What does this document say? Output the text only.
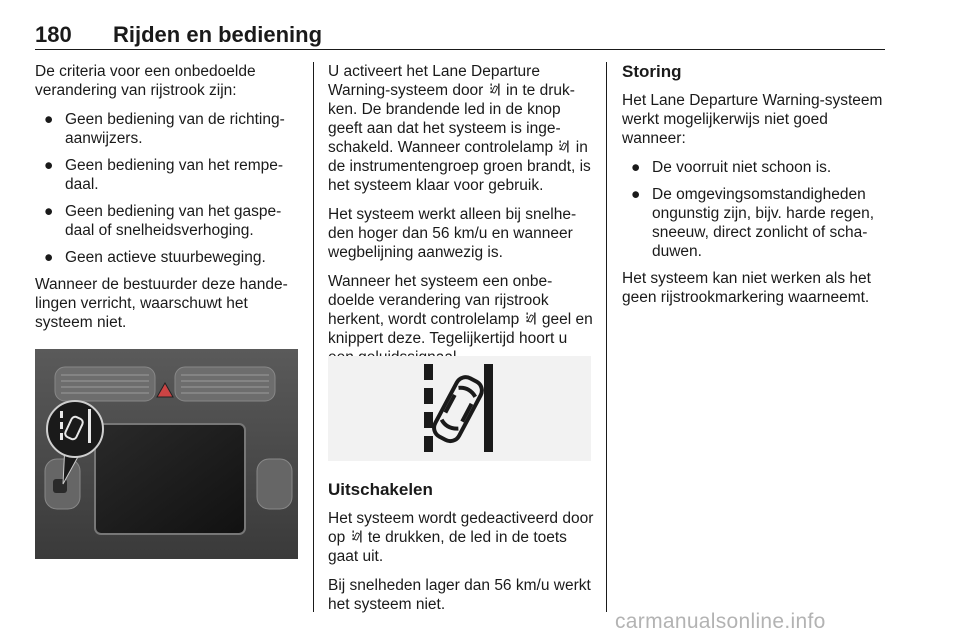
180 Rijden en bediening

De criteria voor een onbedoelde verandering van rijstrook zijn:

● Geen bediening van de richting-aanwijzers.
● Geen bediening van het rempe-daal.
● Geen bediening van het gaspe-daal of snelheidsverhoging.
● Geen actieve stuurbeweging.

Wanneer de bestuurder deze hande-lingen verricht, waarschuwt het systeem niet.

U activeert het Lane Departure Warning-systeem door in te druk-ken. De brandende led in de knop geeft aan dat het systeem is inge-schakeld. Wanneer controlelamp in de instrumentengroep groen brandt, is het systeem klaar voor gebruik.

Het systeem werkt alleen bij snelhe-den hoger dan 56 km/u en wanneer wegbelijning aanwezig is.

Wanneer het systeem een onbe-doelde verandering van rijstrook herkent, wordt controlelamp geel en knippert deze. Tegelijkertijd hoort u

Uitschakelen

Het systeem wordt gedeactiveerd door op te drukken, de led in de toets gaat uit.

Bij snelheden lager dan 56 km/u werkt het systeem niet.

Storing

Het Lane Departure Warning-systeem werkt mogelijkerwijs niet goed wanneer:

● De voorruit niet schoon is.
● De omgevingsomstandigheden ongunstig zijn, bijv. harde regen, sneeuw, direct zonlicht of scha-duwen.

Het systeem kan niet werken als het geen rijstrookmarkering waarneemt.

carmanualsonline.info
